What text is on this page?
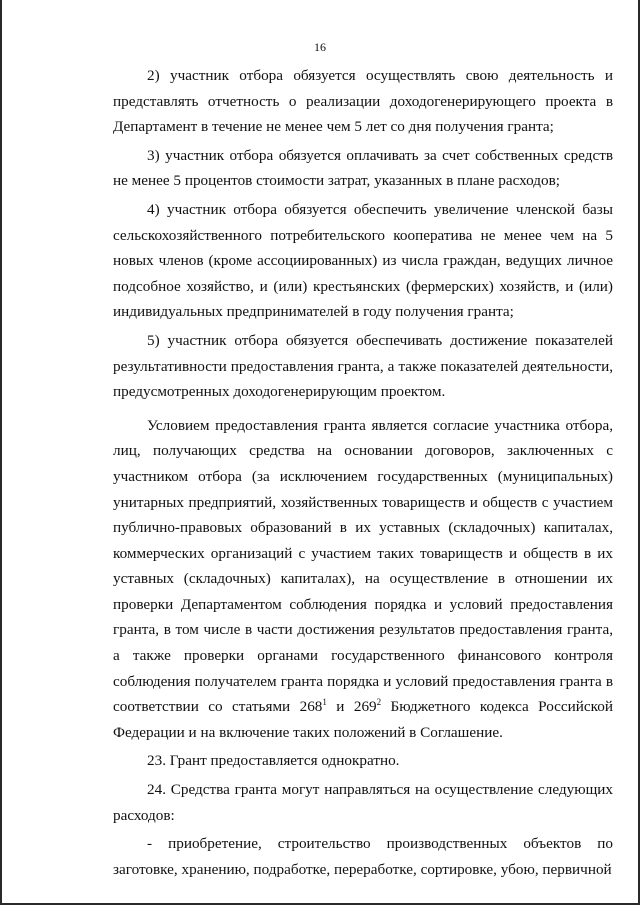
16

2) участник отбора обязуется осуществлять свою деятельность и представлять отчетность о реализации доходогенерирующего проекта в Департамент в течение не менее чем 5 лет со дня получения гранта;

3) участник отбора обязуется оплачивать за счет собственных средств не менее 5 процентов стоимости затрат, указанных в плане расходов;

4) участник отбора обязуется обеспечить увеличение членской базы сельскохозяйственного потребительского кооператива не менее чем на 5 новых членов (кроме ассоциированных) из числа граждан, ведущих личное подсобное хозяйство, и (или) крестьянских (фермерских) хозяйств, и (или) индивидуальных предпринимателей в году получения гранта;

5) участник отбора обязуется обеспечивать достижение показателей результативности предоставления гранта, а также показателей деятельности, предусмотренных доходогенерирующим проектом.

Условием предоставления гранта является согласие участника отбора, лиц, получающих средства на основании договоров, заключенных с участником отбора (за исключением государственных (муниципальных) унитарных предприятий, хозяйственных товариществ и обществ с участием публично-правовых образований в их уставных (складочных) капиталах, коммерческих организаций с участием таких товариществ и обществ в их уставных (складочных) капиталах), на осуществление в отношении их проверки Департаментом соблюдения порядка и условий предоставления гранта, в том числе в части достижения результатов предоставления гранта, а также проверки органами государственного финансового контроля соблюдения получателем гранта порядка и условий предоставления гранта в соответствии со статьями $268^1$ и $269^2$ Бюджетного кодекса Российской Федерации и на включение таких положений в Соглашение.

23. Грант предоставляется однократно.

24. Средства гранта могут направляться на осуществление следующих расходов:

- приобретение, строительство производственных объектов по заготовке, хранению, подработке, переработке, сортировке, убою, первичной
